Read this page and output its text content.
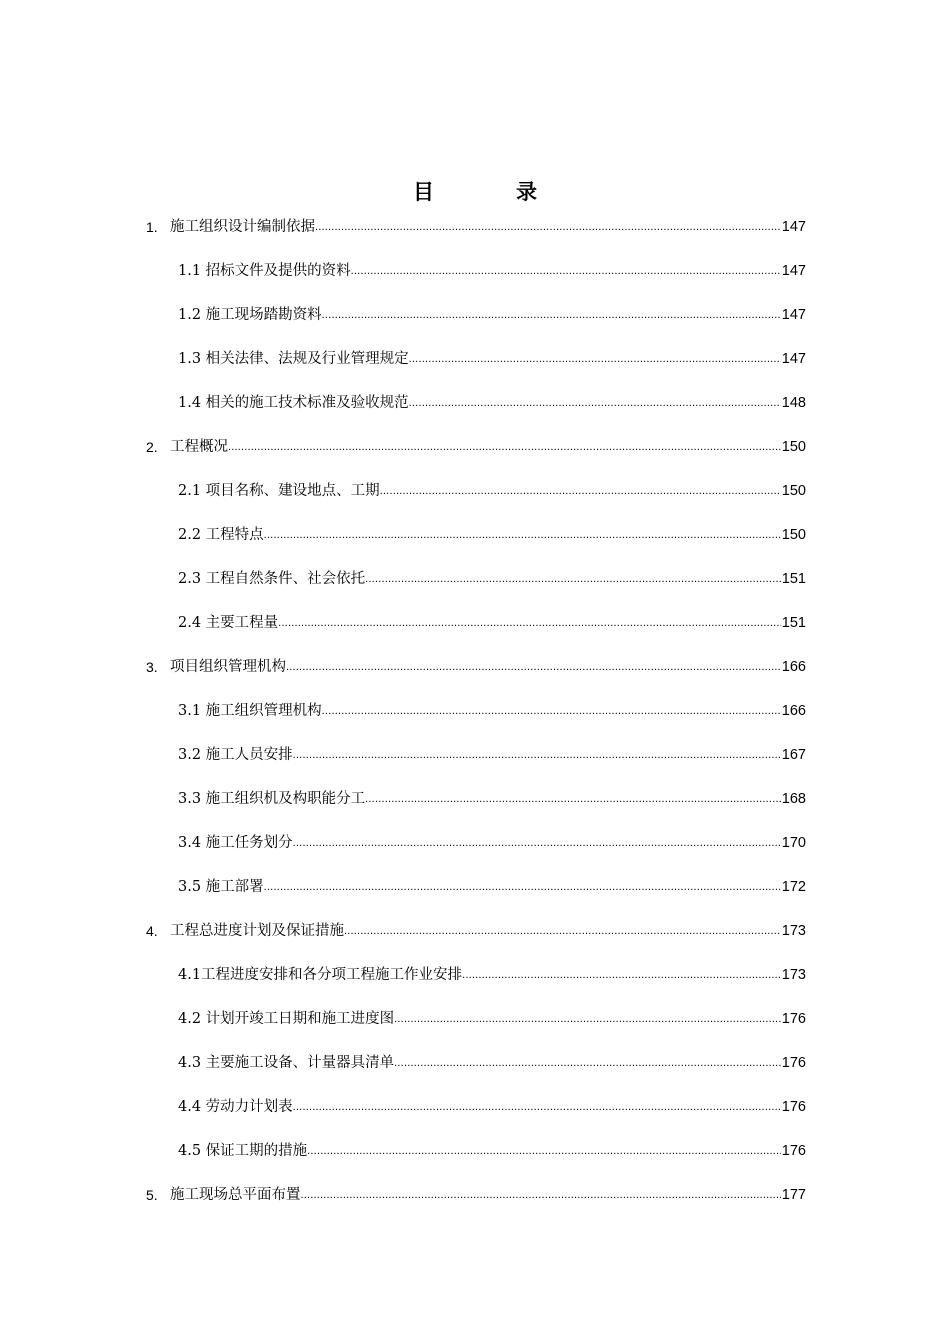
目	录
1. 施工组织设计编制依据 .....	147
1.1 招标文件及提供的资料 .....	147
1.2 施工现场踏勘资料 .....	147
1.3 相关法律、法规及行业管理规定 .....	147
1.4 相关的施工技术标准及验收规范 .....	148
2. 工程概况 .....	150
2.1 项目名称、建设地点、工期 .....	150
2.2 工程特点 .....	150
2.3 工程自然条件、社会依托 .....	151
2.4 主要工程量 .....	151
3. 项目组织管理机构 .....	166
3.1 施工组织管理机构 .....	166
3.2 施工人员安排 .....	167
3.3 施工组织机及构职能分工 .....	168
3.4 施工任务划分 .....	170
3.5 施工部署 .....	172
4. 工程总进度计划及保证措施 .....	173
4.1工程进度安排和各分项工程施工作业安排 .....	173
4.2 计划开竣工日期和施工进度图 .....	176
4.3 主要施工设备、计量器具清单 .....	176
4.4 劳动力计划表 .....	176
4.5 保证工期的措施 .....	176
5. 施工现场总平面布置 .....	177
